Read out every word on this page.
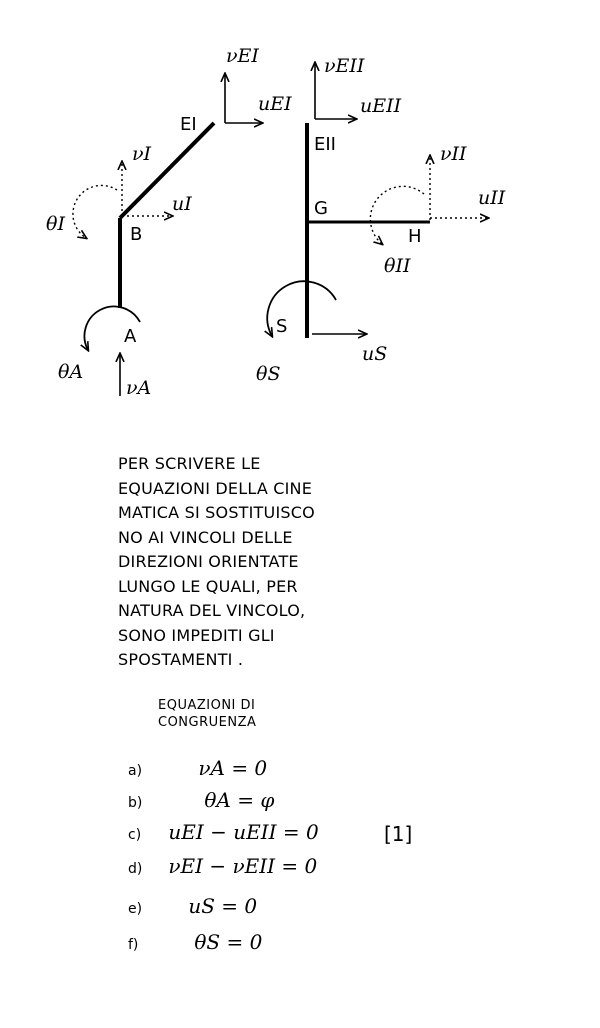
νEI
uEI
EI
νI
uI
θI	B
A
θA
νA
νEII
uEII
EII	νII
uII
G
H
θII
S
θS
uS
PER SCRIVERE LE
EQUAZIONI DELLA CINE
MATICA SI SOSTITUISCO
NO AI VINCOLI DELLE
DIREZIONI ORIENTATE
LUNGO LE QUALI, PER
NATURA DEL VINCOLO,
SONO IMPEDITI GLI
SPOSTAMENTI .
EQUAZIONI DI
CONGRUENZA
a)	νA = 0
b)	θA = φ
c) uEI − uEII = 0
d) νEI − νEII = 0
e) uS = 0
f)	θS = 0
[1]
